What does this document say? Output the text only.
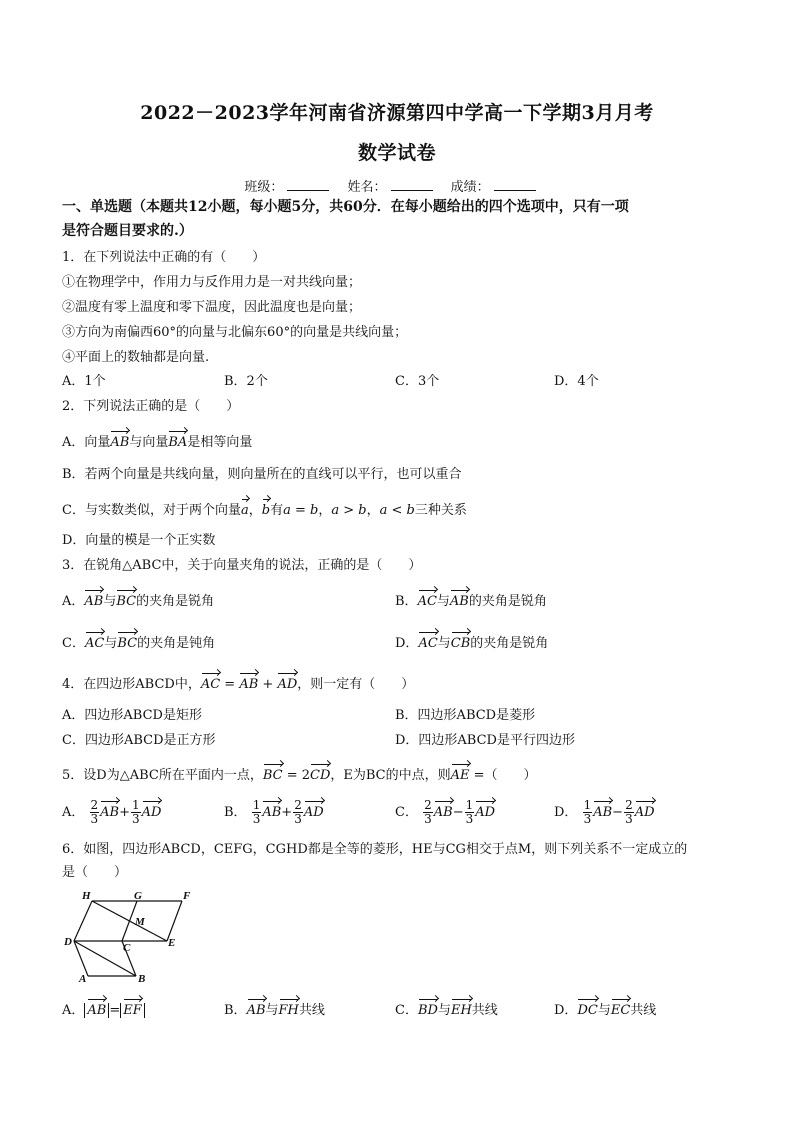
2022－2023学年河南省济源第四中学高一下学期3月月考
数学试卷
班级：	姓名：	成绩：
一、单选题（本题共12小题，每小题5分，共60分．在每小题给出的四个选项中，只有一项
是符合题目要求的.）
1．在下列说法中正确的有（　　）
①在物理学中，作用力与反作用力是一对共线向量；
②温度有零上温度和零下温度，因此温度也是向量；
③方向为南偏西60°的向量与北偏东60°的向量是共线向量；
④平面上的数轴都是向量.
A．1个	B．2个	C．3个	D．4个
2．下列说法正确的是（　　）
A．向量AB与向量BA是相等向量
B．若两个向量是共线向量，则向量所在的直线可以平行，也可以重合
C．与实数类似，对于两个向量a，b有a = b，a > b，a < b三种关系
D．向量的模是一个正实数
3．在锐角△ABC中，关于向量夹角的说法，正确的是（　　）
A．AB与BC的夹角是锐角	B．AC与AB的夹角是锐角
C．AC与BC的夹角是钝角	D．AC与CB的夹角是锐角
4．在四边形ABCD中，AC = AB + AD，则一定有（　　）
A．四边形ABCD是矩形	B．四边形ABCD是菱形
C．四边形ABCD是正方形	D．四边形ABCD是平行四边形
5．设D为△ABC所在平面内一点，BC = 2CD，E为BC的中点，则AE =（　　）
A． $\frac{2}{3} AB+ \frac{1}{3}$ AD	B． $\frac{1}{3} AB+ \frac{2}{3}$ AD	C． $\frac{2}{3} AB- \frac{1}{3}$ AD	D． $\frac{1}{3} AB- \frac{2}{3}$ AD
6．如图，四边形ABCD，CEFG，CGHD都是全等的菱形，HE与CG相交于点M，则下列关系不一定成立的
是（　　）
H	G	F
M
D	C	E
A	B
A． AB = EF	B．AB与FH共线	C．BD与EH共线	D．DC与EC共线
